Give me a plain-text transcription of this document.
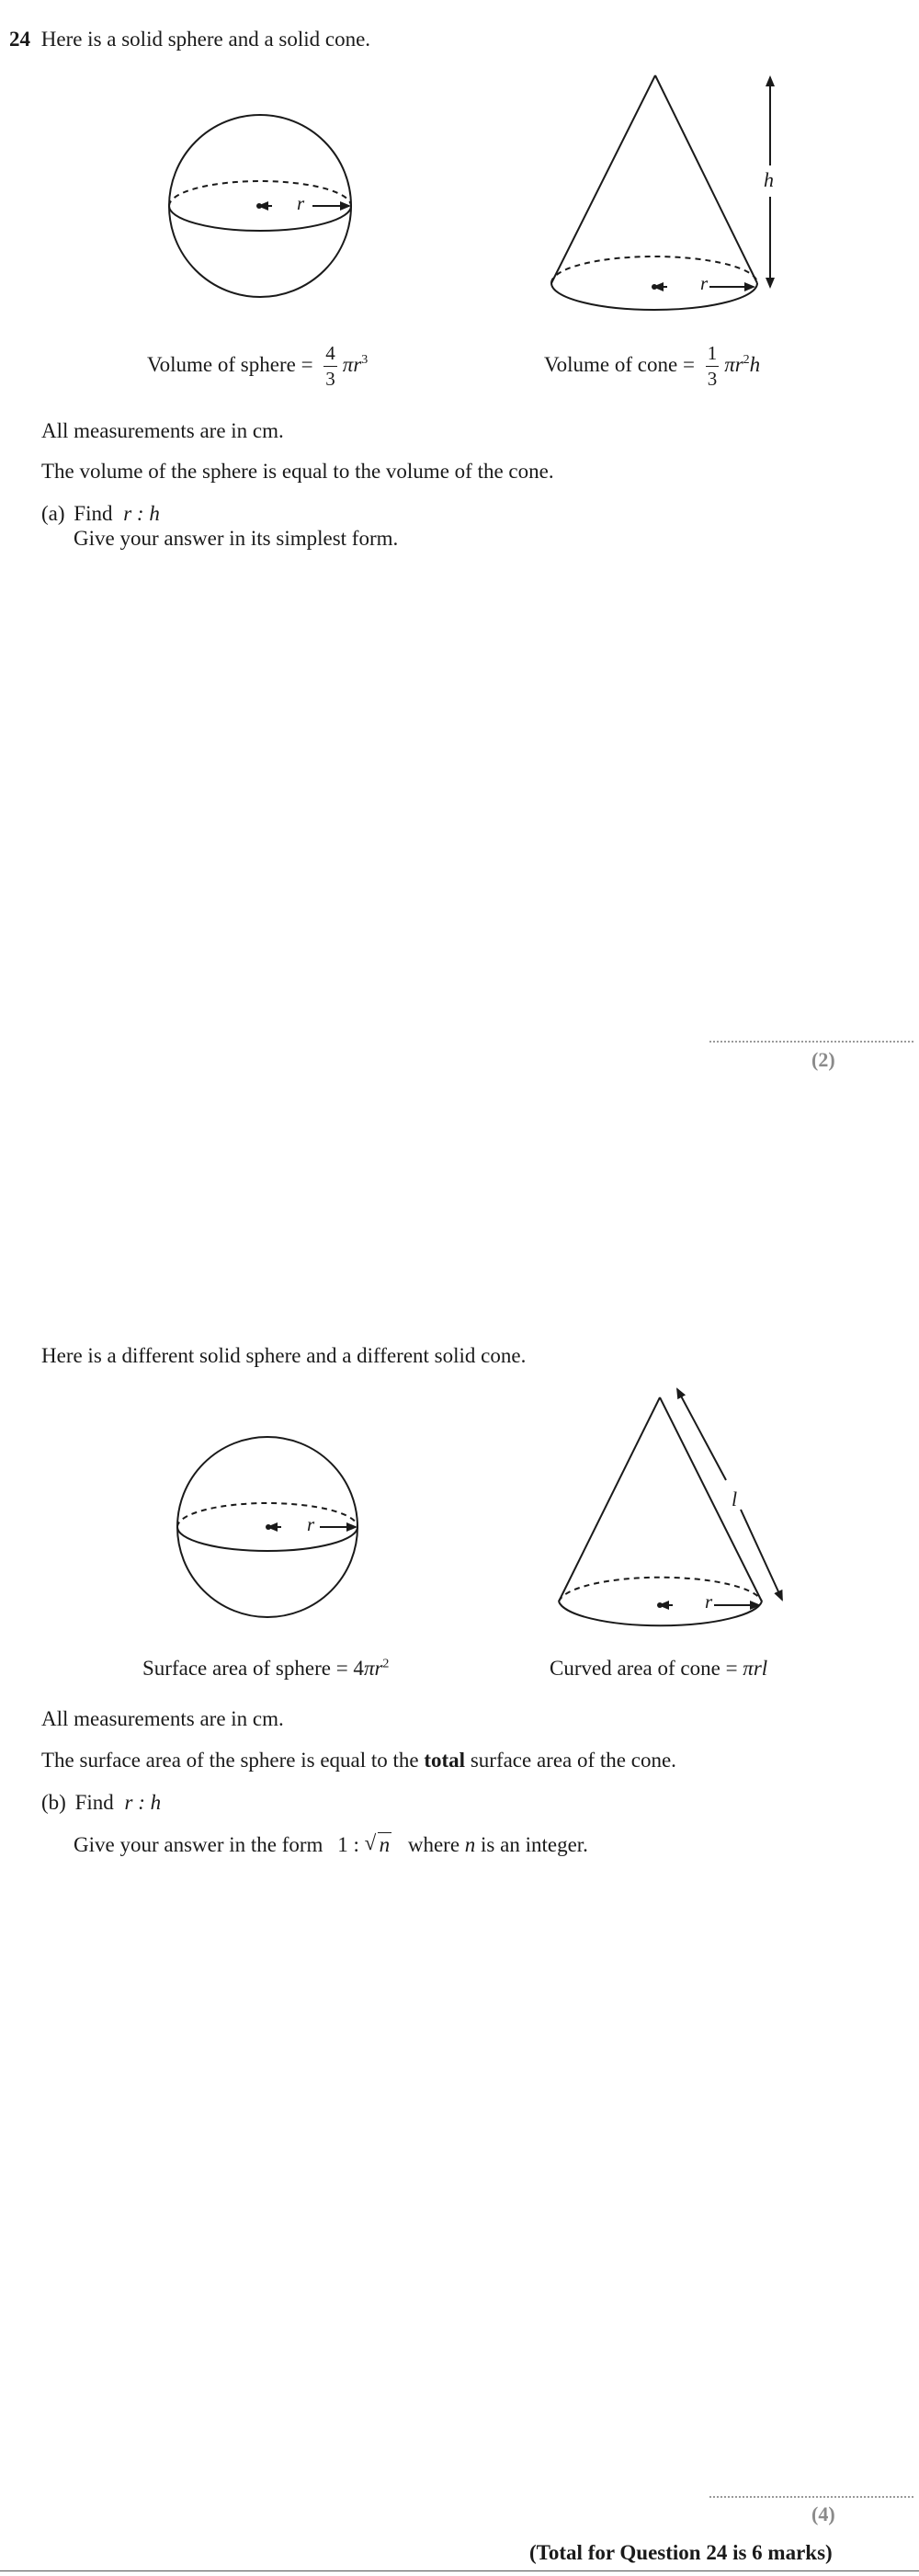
24 Here is a solid sphere and a solid cone.
r
r
h
Volume of sphere = $\frac{4}{3} \pi r^3$	Volume of cone = $\frac{1}{3} \pi r^2h$
All measurements are in cm.
The volume of the sphere is equal to the volume of the cone.
(a) Find r : h
Give your answer in its simplest form.
(2)
Here is a different solid sphere and a different solid cone.
r
r
l
Surface area of sphere = $4\pi r^2$	Curved area of cone = πrl
All measurements are in cm.
The surface area of the sphere is equal to the total surface area of the cone.
(b) Find r : h
Give your answer in the form 1 : √ n where n is an integer.
(4)
(Total for Question 24 is 6 marks)
